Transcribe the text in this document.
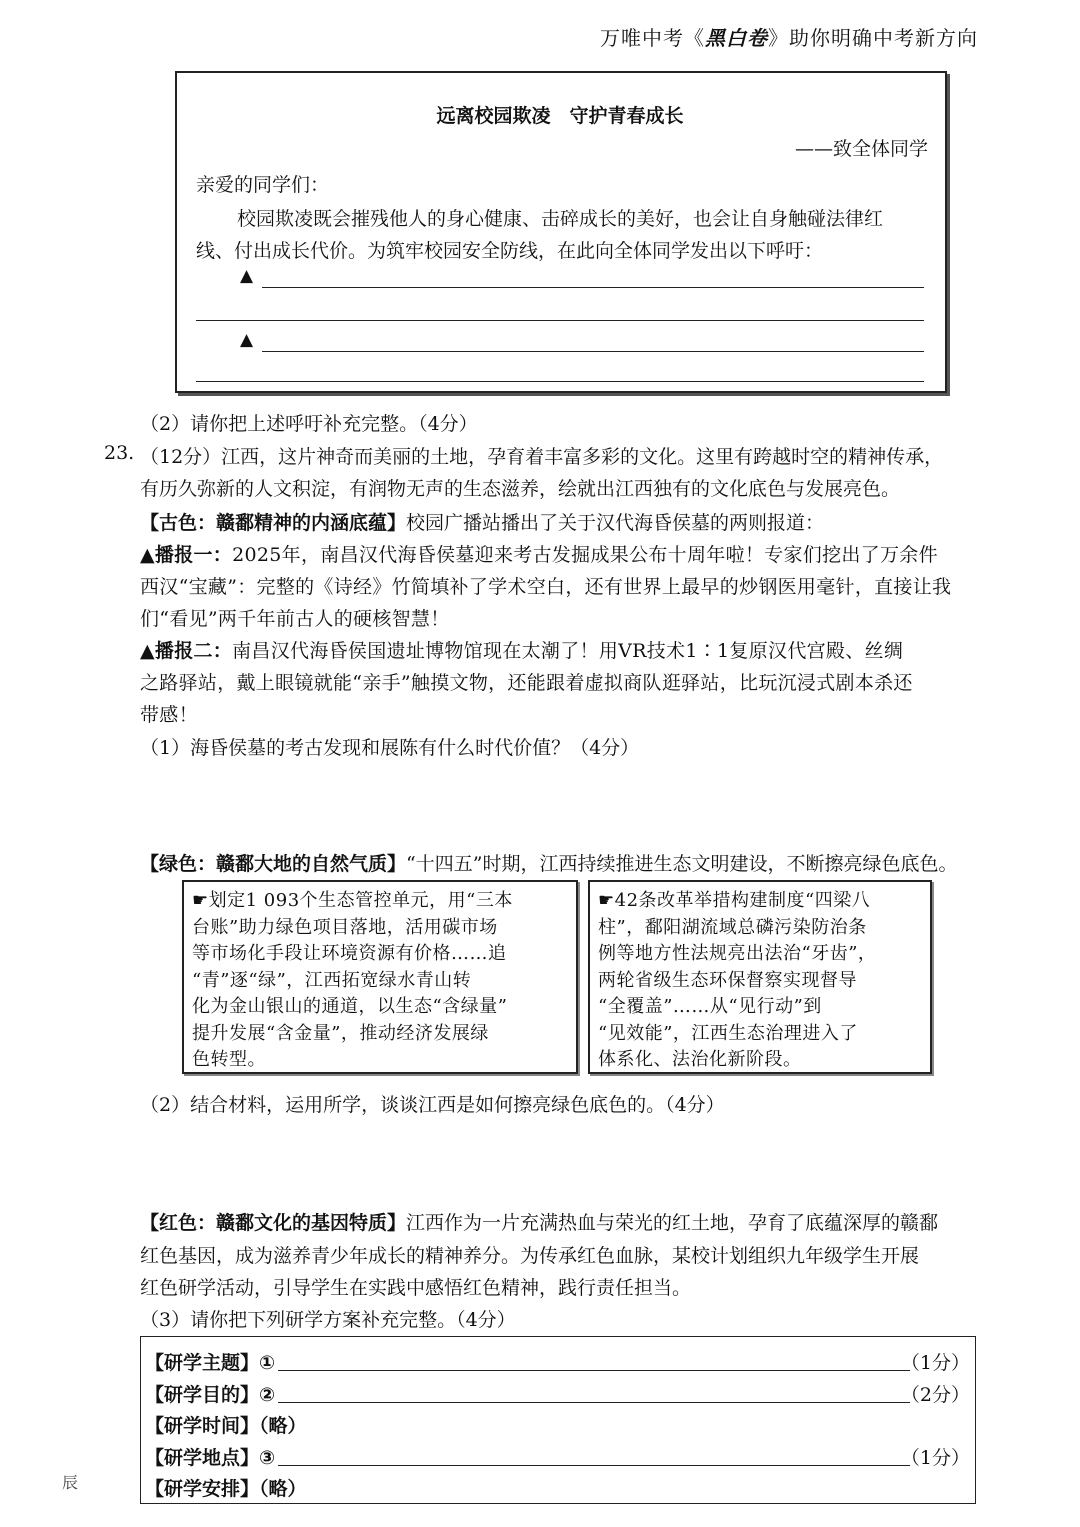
万唯中考《黑白卷》助你明确中考新方向
远离校园欺凌　守护青春成长
——致全体同学
亲爱的同学们：
校园欺凌既会摧残他人的身心健康、击碎成长的美好，也会让自身触碰法律红
线、付出成长代价。为筑牢校园安全防线，在此向全体同学发出以下呼吁：
▲
▲
（2）请你把上述呼吁补充完整。（4分）
23. （12分）江西，这片神奇而美丽的土地，孕育着丰富多彩的文化。这里有跨越时空的精神传承，
有历久弥新的人文积淀，有润物无声的生态滋养，绘就出江西独有的文化底色与发展亮色。
【古色：赣鄱精神的内涵底蕴】校园广播站播出了关于汉代海昏侯墓的两则报道：
▲播报一：2025年，南昌汉代海昏侯墓迎来考古发掘成果公布十周年啦！专家们挖出了万余件
西汉“宝藏”：完整的《诗经》竹简填补了学术空白，还有世界上最早的炒钢医用毫针，直接让我
们“看见”两千年前古人的硬核智慧！
▲播报二：南昌汉代海昏侯国遗址博物馆现在太潮了！用VR技术1∶1复原汉代宫殿、丝绸
之路驿站，戴上眼镜就能“亲手”触摸文物，还能跟着虚拟商队逛驿站，比玩沉浸式剧本杀还
带感！
（1）海昏侯墓的考古发现和展陈有什么时代价值？（4分）
【绿色：赣鄱大地的自然气质】“十四五”时期，江西持续推进生态文明建设，不断擦亮绿色底色。
☛划定1 093个生态管控单元，用“三本
台账”助力绿色项目落地，活用碳市场
等市场化手段让环境资源有价格……追
“青”逐“绿”，江西拓宽绿水青山转
化为金山银山的通道，以生态“含绿量”
提升发展“含金量”，推动经济发展绿
色转型。
☛42条改革举措构建制度“四梁八
柱”，鄱阳湖流域总磷污染防治条
例等地方性法规亮出法治“牙齿”，
两轮省级生态环保督察实现督导
“全覆盖”……从“见行动”到
“见效能”，江西生态治理进入了
体系化、法治化新阶段。
（2）结合材料，运用所学，谈谈江西是如何擦亮绿色底色的。（4分）
【红色：赣鄱文化的基因特质】江西作为一片充满热血与荣光的红土地，孕育了底蕴深厚的赣鄱
红色基因，成为滋养青少年成长的精神养分。为传承红色血脉，某校计划组织九年级学生开展
红色研学活动，引导学生在实践中感悟红色精神，践行责任担当。
（3）请你把下列研学方案补充完整。（4分）
【研学主题】①	（1分）
【研学目的】②	（2分）
【研学时间】（略）
【研学地点】③	（1分）
【研学安排】（略）
辰
